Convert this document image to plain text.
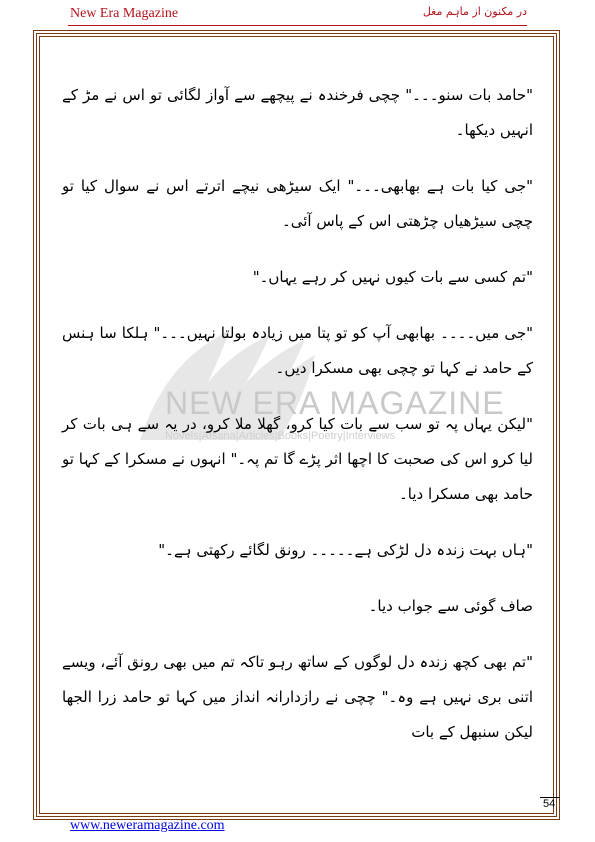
New Era Magazine	در مکنون از ماہم مغل
NEW ERA MAGAZINE
Novels|Afsana|Articles|Books|Poetry|Interviews

"حامد بات سنو۔۔۔" چچی فرخندہ نے پیچھے سے آواز لگائی تو اس نے مڑ کے انہیں دیکھا۔

"جی کیا بات ہے بھابھی۔۔۔" ایک سیڑھی نیچے اترتے اس نے سوال کیا تو چچی سیڑھیاں چڑھتی اس کے پاس آئی۔

"تم کسی سے بات کیوں نہیں کر رہے یہاں۔"

"جی میں۔۔۔۔ بھابھی آپ کو تو پتا میں زیادہ بولتا نہیں۔۔۔" ہلکا سا ہنس کے حامد نے کہا تو چچی بھی مسکرا دیں۔

"لیکن یہاں پہ تو سب سے بات کیا کرو، گھلا ملا کرو، در یہ سے ہی بات کر لیا کرو اس کی صحبت کا اچھا اثر پڑے گا تم پہ۔" انہوں نے مسکرا کے کہا تو حامد بھی مسکرا دیا۔

"ہاں بہت زندہ دل لڑکی ہے۔۔۔۔۔ رونق لگائے رکھتی ہے۔"

صاف گوئی سے جواب دیا۔

"تم بھی کچھ زندہ دل لوگوں کے ساتھ رہو تاکہ تم میں بھی رونق آئے، ویسے اتنی بری نہیں ہے وہ۔" چچی نے رازدارانہ انداز میں کہا تو حامد زرا الجھا لیکن سنبھل کے بات

54
www.neweramagazine.com
